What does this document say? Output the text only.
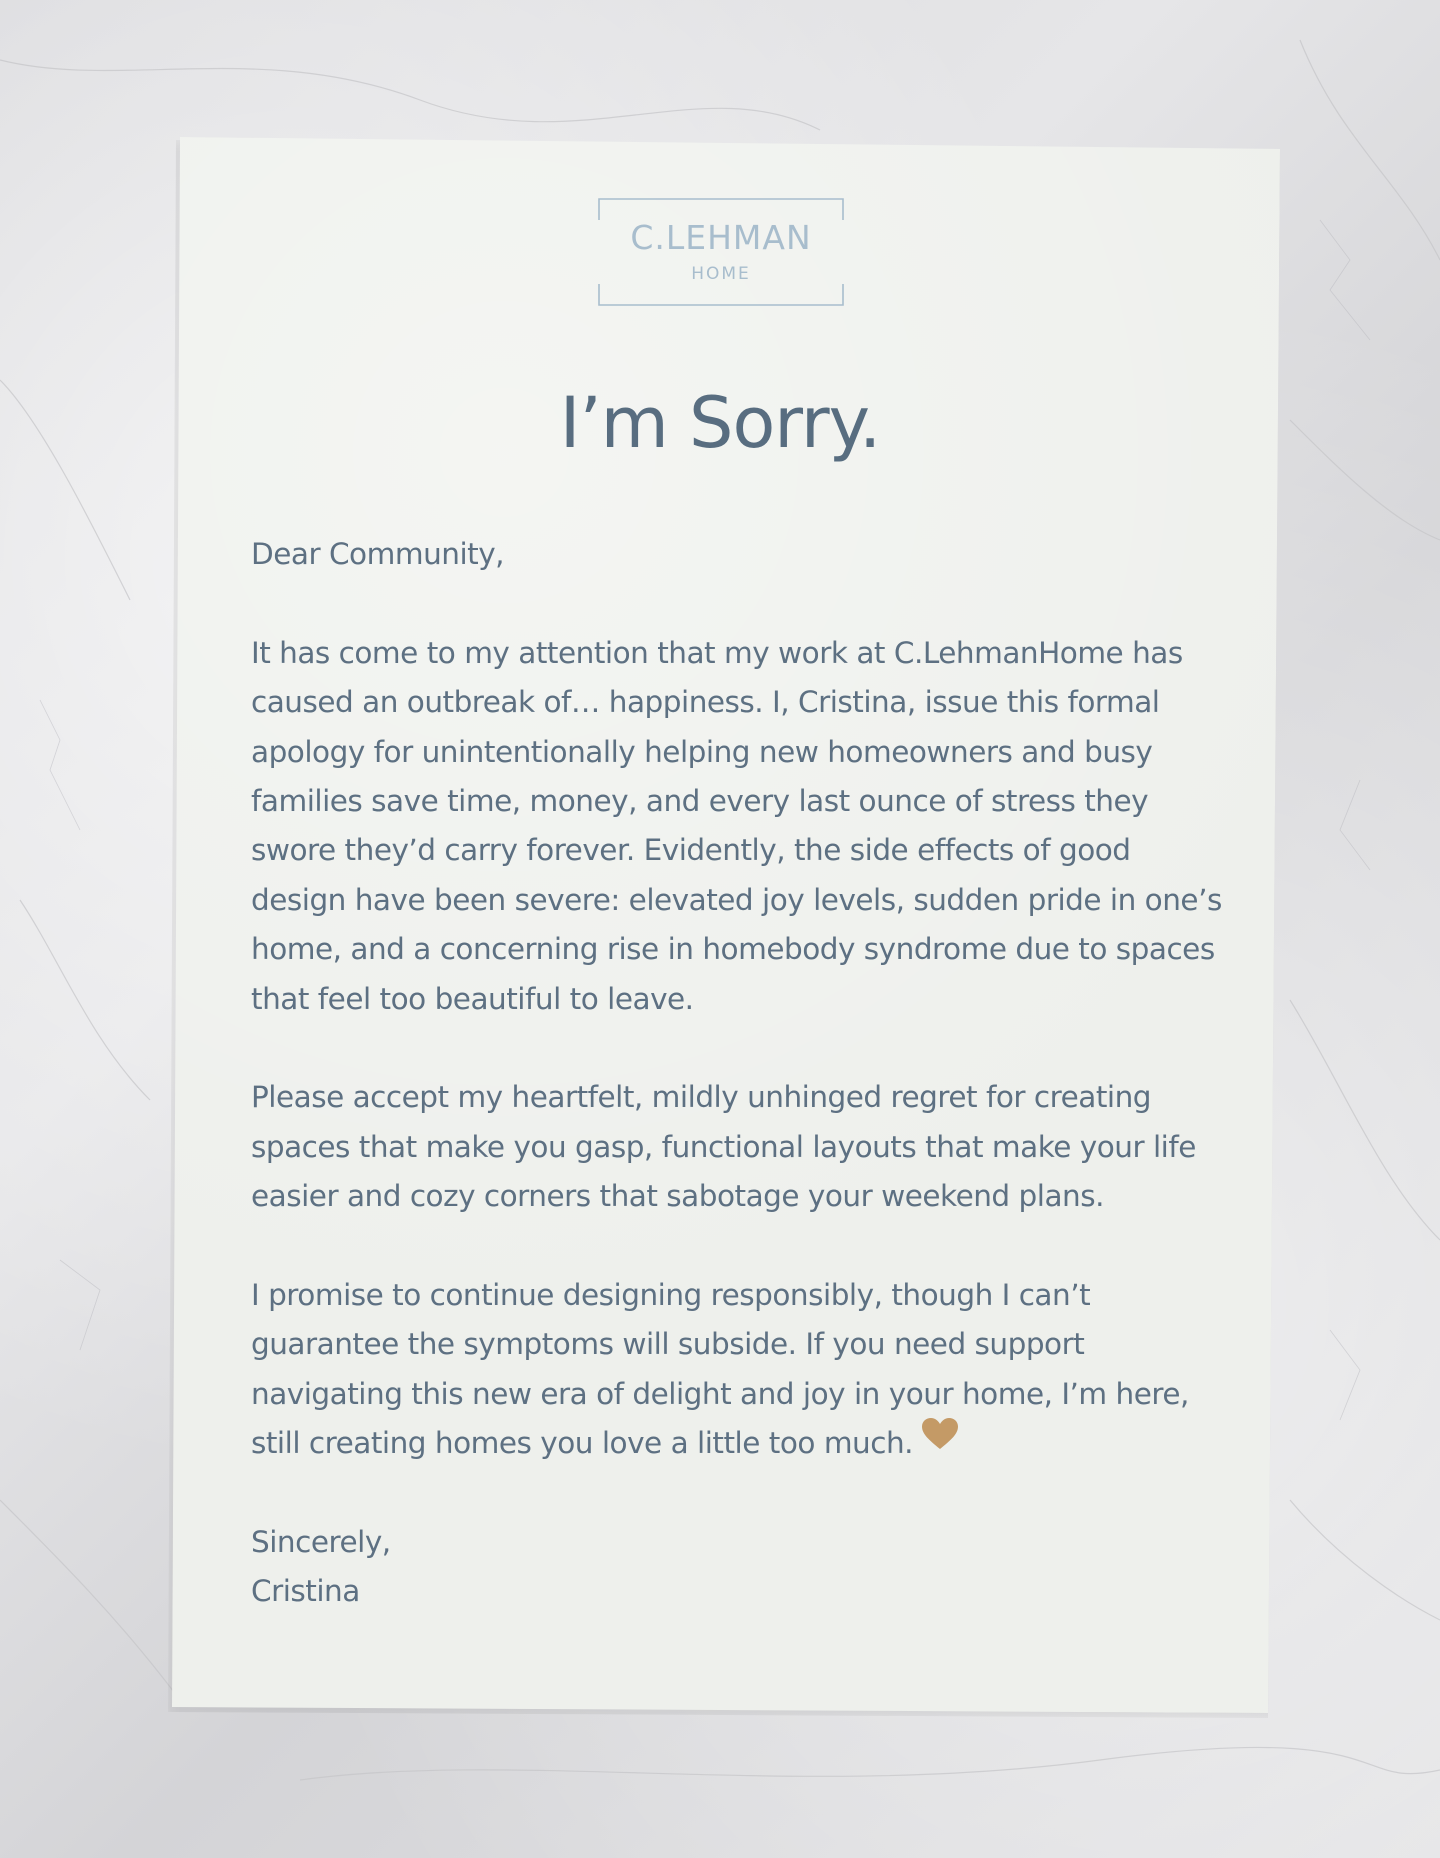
C.LEHMAN
HOME
I’m Sorry.

Dear Community,

It has come to my attention that my work at C.LehmanHome has caused an outbreak of… happiness. I, Cristina, issue this formal apology for unintentionally helping new homeowners and busy families save time, money, and every last ounce of stress they swore they’d carry forever. Evidently, the side effects of good design have been severe: elevated joy levels, sudden pride in one’s home, and a concerning rise in homebody syndrome due to spaces that feel too beautiful to leave.

Please accept my heartfelt, mildly unhinged regret for creating spaces that make you gasp, functional layouts that make your life easier and cozy corners that sabotage your weekend plans.

I promise to continue designing responsibly, though I can’t guarantee the symptoms will subside. If you need support navigating this new era of delight and joy in your home, I’m here, still creating homes you love a little too much.

Sincerely,

Cristina
